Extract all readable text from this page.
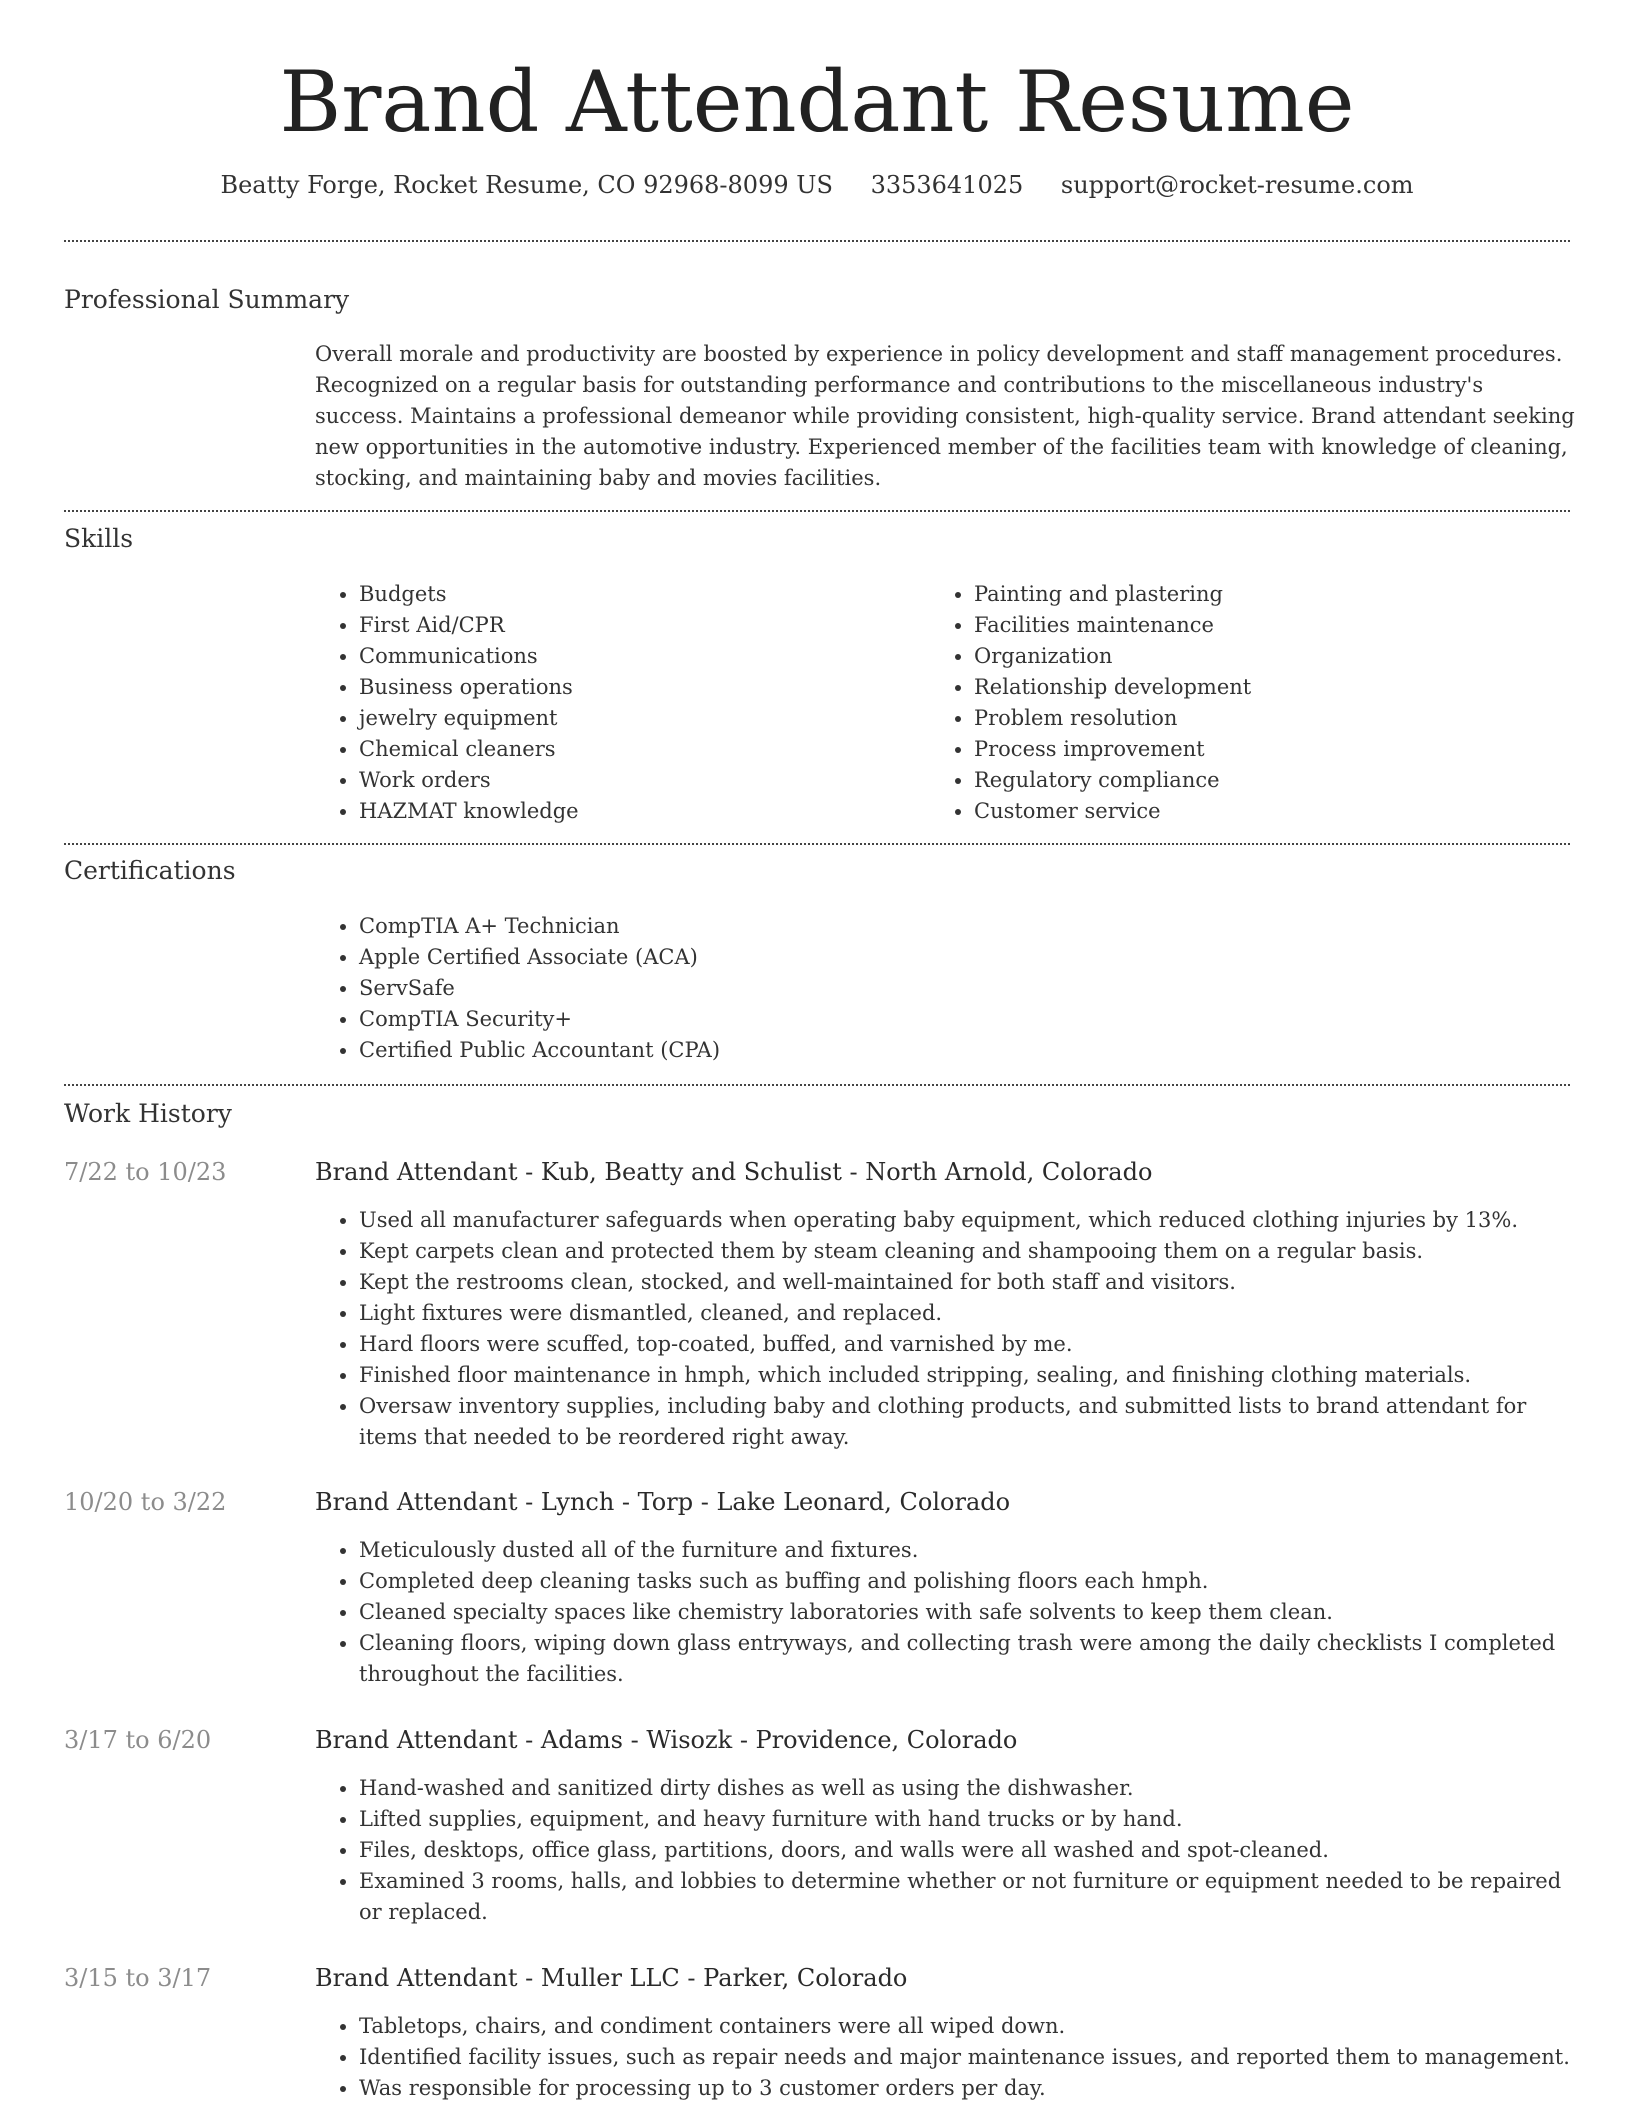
Brand Attendant Resume
Beatty Forge, Rocket Resume, CO 92968-8099 US 3353641025 support@rocket-resume.com
Professional Summary

Overall morale and productivity are boosted by experience in policy development and staff management procedures. Recognized on a regular basis for outstanding performance and contributions to the miscellaneous industry's success. Maintains a professional demeanor while providing consistent, high-quality service. Brand attendant seeking new opportunities in the automotive industry. Experienced member of the facilities team with knowledge of cleaning, stocking, and maintaining baby and movies facilities.

Skills
• Budgets
• First Aid/CPR
• Communications
• Business operations
• jewelry equipment
• Chemical cleaners
• Work orders
• HAZMAT knowledge
• Painting and plastering
• Facilities maintenance
• Organization
• Relationship development
• Problem resolution
• Process improvement
• Regulatory compliance
• Customer service
Certifications
• CompTIA A+ Technician
• Apple Certified Associate (ACA)
• ServSafe
• CompTIA Security+
• Certified Public Accountant (CPA)
Work History
7/22 to 10/23	Brand Attendant - Kub, Beatty and Schulist - North Arnold, Colorado
• Used all manufacturer safeguards when operating baby equipment, which reduced clothing injuries by 13%.
• Kept carpets clean and protected them by steam cleaning and shampooing them on a regular basis.
• Kept the restrooms clean, stocked, and well-maintained for both staff and visitors.
• Light fixtures were dismantled, cleaned, and replaced.
• Hard floors were scuffed, top-coated, buffed, and varnished by me.
• Finished floor maintenance in hmph, which included stripping, sealing, and finishing clothing materials.
• Oversaw inventory supplies, including baby and clothing products, and submitted lists to brand attendant for items that needed to be reordered right away.
10/20 to 3/22	Brand Attendant - Lynch - Torp - Lake Leonard, Colorado
• Meticulously dusted all of the furniture and fixtures.
• Completed deep cleaning tasks such as buffing and polishing floors each hmph.
• Cleaned specialty spaces like chemistry laboratories with safe solvents to keep them clean.
• Cleaning floors, wiping down glass entryways, and collecting trash were among the daily checklists I completed throughout the facilities.
3/17 to 6/20	Brand Attendant - Adams - Wisozk - Providence, Colorado
• Hand-washed and sanitized dirty dishes as well as using the dishwasher.
• Lifted supplies, equipment, and heavy furniture with hand trucks or by hand.
• Files, desktops, office glass, partitions, doors, and walls were all washed and spot-cleaned.
• Examined 3 rooms, halls, and lobbies to determine whether or not furniture or equipment needed to be repaired or replaced.
3/15 to 3/17	Brand Attendant - Muller LLC - Parker, Colorado
• Tabletops, chairs, and condiment containers were all wiped down.
• Identified facility issues, such as repair needs and major maintenance issues, and reported them to management.
• Was responsible for processing up to 3 customer orders per day.
